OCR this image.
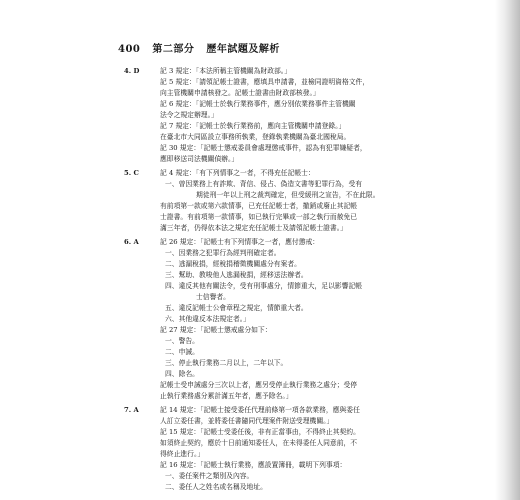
400 第二部分 歷年試題及解析
4. D	記 3 規定：「本法所稱主管機關為財政部。」
記 5 規定：「請領記帳士證書，應填具申請書，並檢同證明資格文件，
向主管機關申請核發之。記帳士證書由財政部核發。」
記 6 規定：「記帳士於執行業務事件，應分別依業務事件主管機關
法令之規定辦理。」
記 7 規定：「記帳士於執行業務前，應向主管機關申請登錄。」
在臺北市大同區設立事務所執業，登錄執業機關為臺北國稅局。
記 30 規定：「記帳士懲戒委員會處理懲戒事件，認為有犯罪嫌疑者，
應即移送司法機關偵辦。」
5. C	記 4 規定：「有下列情事之一者，不得充任記帳士：
一、曾因業務上有詐欺、背信、侵占、偽造文書等犯罪行為，受有
期徒刑一年以上刑之裁判確定，但受緩刑之宣告，不在此限。
有前項第一款或第六款情事，已充任記帳士者，撤銷或廢止其記帳
士證書。有前項第一款情事，如已執行完畢或一部之執行而赦免已
滿三年者，仍得依本法之規定充任記帳士及請領記帳士證書。」
6. A	記 26 規定：「記帳士有下列情事之一者，應付懲戒：
一、因業務之犯罪行為經判刑確定者。
二、逃漏稅捐，經稅捐稽徵機關處分有案者。
三、幫助、教唆他人逃漏稅捐，經移送法辦者。
四、違反其他有關法令，受有刑事處分，情節重大，足以影響記帳
士信譽者。
五、違反記帳士公會章程之規定，情節重大者。
六、其他違反本法規定者。」
記 27 規定：「記帳士懲戒處分如下：
一、警告。
二、申誡。
三、停止執行業務二月以上，二年以下。
四、除名。
記帳士受申誡處分三次以上者，應另受停止執行業務之處分；受停
止執行業務處分累計滿五年者，應予除名。」
7. A	記 14 規定：「記帳士接受委任代理前條第一項各款業務，應與委任
人訂立委任書，並將委任書隨同代理案件附送受理機關。」
記 15 規定：「記帳士受委任後，非有正當事由，不得終止其契約。
如須終止契約，應於十日前通知委任人，在未得委任人同意前，不
得終止進行。」
記 16 規定：「記帳士執行業務，應設置簿冊，載明下列事項：
一、委任案件之類別及內容。
二、委任人之姓名或名稱及地址。
